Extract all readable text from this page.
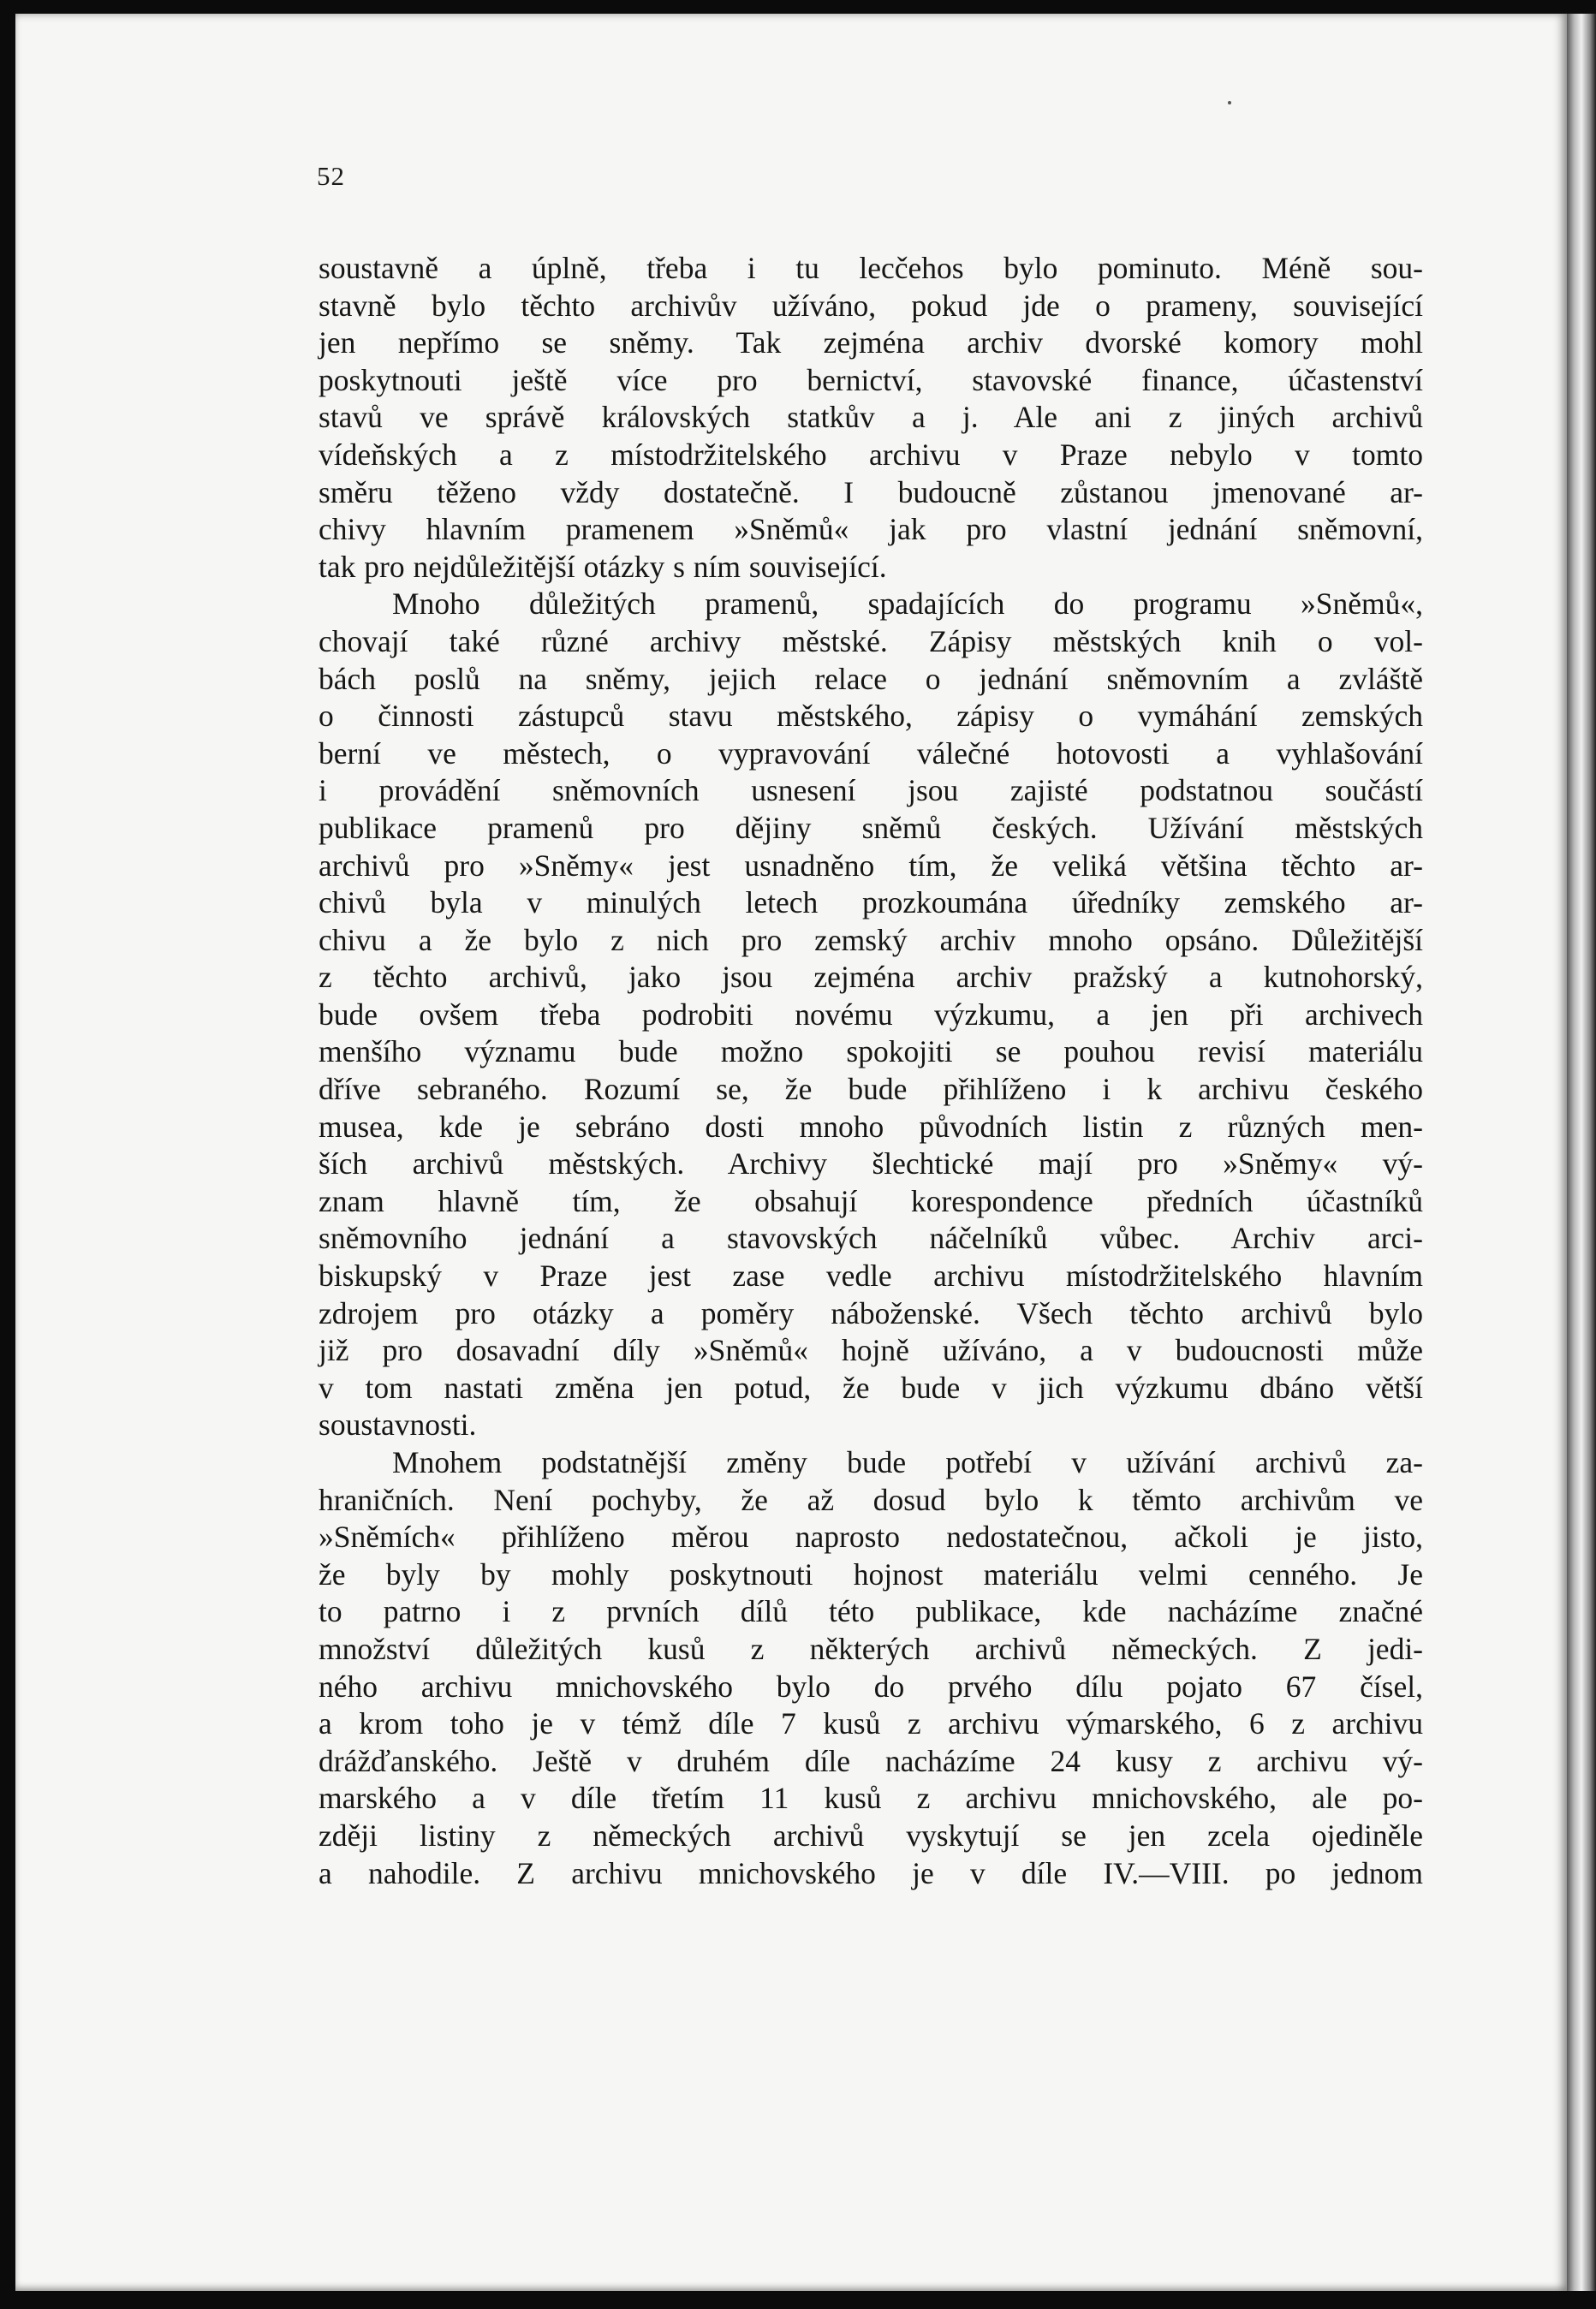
52

soustavně a úplně, třeba i tu lecčehos bylo pominuto. Méně sou-
stavně bylo těchto archivův užíváno, pokud jde o prameny, související
jen nepřímo se sněmy. Tak zejména archiv dvorské komory mohl
poskytnouti ještě více pro bernictví, stavovské finance, účastenství
stavů ve správě královských statkův a j. Ale ani z jiných archivů
vídeňských a z místodržitelského archivu v Praze nebylo v tomto
směru těženo vždy dostatečně. I budoucně zůstanou jmenované ar-
chivy hlavním pramenem »Sněmů« jak pro vlastní jednání sněmovní,
tak pro nejdůležitější otázky s ním související.

Mnoho důležitých pramenů, spadajících do programu »Sněmů«,
chovají také různé archivy městské. Zápisy městských knih o vol-
bách poslů na sněmy, jejich relace o jednání sněmovním a zvláště
o činnosti zástupců stavu městského, zápisy o vymáhání zemských
berní ve městech, o vypravování válečné hotovosti a vyhlašování
i provádění sněmovních usnesení jsou zajisté podstatnou součástí
publikace pramenů pro dějiny sněmů českých. Užívání městských
archivů pro »Sněmy« jest usnadněno tím, že veliká většina těchto ar-
chivů byla v minulých letech prozkoumána úředníky zemského ar-
chivu a že bylo z nich pro zemský archiv mnoho opsáno. Důležitější
z těchto archivů, jako jsou zejména archiv pražský a kutnohorský,
bude ovšem třeba podrobiti novému výzkumu, a jen při archivech
menšího významu bude možno spokojiti se pouhou revisí materiálu
dříve sebraného. Rozumí se, že bude přihlíženo i k archivu českého
musea, kde je sebráno dosti mnoho původních listin z různých men-
ších archivů městských. Archivy šlechtické mají pro »Sněmy« vý-
znam hlavně tím, že obsahují korespondence předních účastníků
sněmovního jednání a stavovských náčelníků vůbec. Archiv arci-
biskupský v Praze jest zase vedle archivu místodržitelského hlavním
zdrojem pro otázky a poměry náboženské. Všech těchto archivů bylo
již pro dosavadní díly »Sněmů« hojně užíváno, a v budoucnosti může
v tom nastati změna jen potud, že bude v jich výzkumu dbáno větší
soustavnosti.

Mnohem podstatnější změny bude potřebí v užívání archivů za-
hraničních. Není pochyby, že až dosud bylo k těmto archivům ve
»Sněmích« přihlíženo měrou naprosto nedostatečnou, ačkoli je jisto,
že byly by mohly poskytnouti hojnost materiálu velmi cenného. Je
to patrno i z prvních dílů této publikace, kde nacházíme značné
množství důležitých kusů z některých archivů německých. Z jedi-
ného archivu mnichovského bylo do prvého dílu pojato 67 čísel,
a krom toho je v témž díle 7 kusů z archivu výmarského, 6 z archivu
drážďanského. Ještě v druhém díle nacházíme 24 kusy z archivu vý-
marského a v díle třetím 11 kusů z archivu mnichovského, ale po-
zději listiny z německých archivů vyskytují se jen zcela ojediněle
a nahodile. Z archivu mnichovského je v díle IV.—VIII. po jednom
